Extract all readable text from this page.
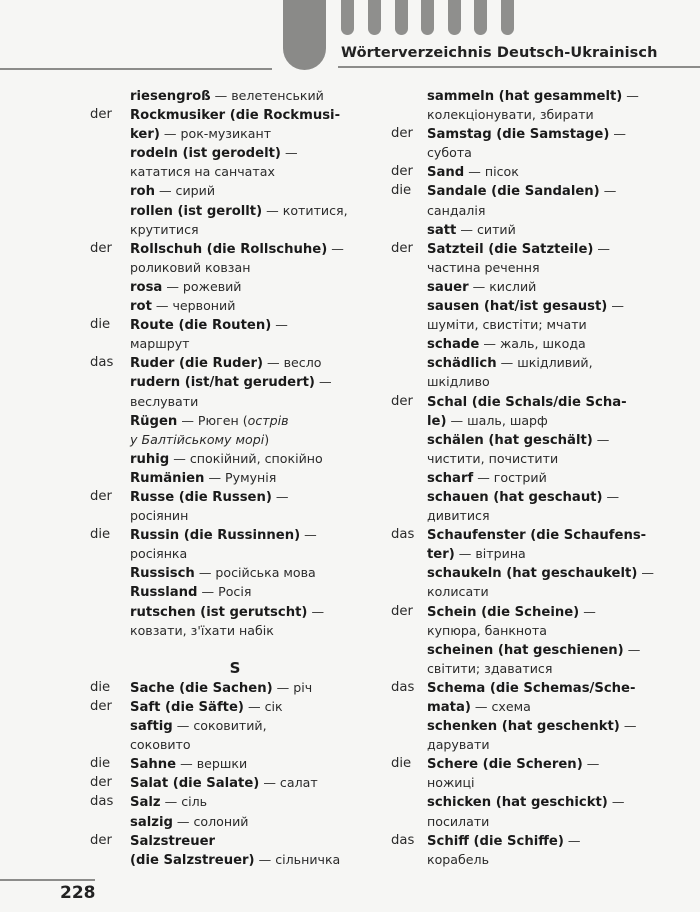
Wörterverzeichnis Deutsch-Ukrainisch
riesengroß — велетенський
der Rockmusiker (die Rockmusi-
ker) — рок-музикант
rodeln (ist gerodelt) —
кататися на санчатах
roh — сирий
rollen (ist gerollt) — котитися,
крутитися
der Rollschuh (die Rollschuhe) —
роликовий ковзан
rosa — рожевий
rot — червоний
die Route (die Routen) —
маршрут
das Ruder (die Ruder) — весло
rudern (ist/hat gerudert) —
веслувати
Rügen — Рюген (острів
у Балтійському морі)
ruhig — спокійний, спокійно
Rumänien — Румунія
der Russe (die Russen) —
росіянин
die Russin (die Russinnen) —
росіянка
Russisch — російська мова
Russland — Росія
rutschen (ist gerutscht) —
ковзати, з'їхати набік
S
die Sache (die Sachen) — річ
der Saft (die Säfte) — сік
saftig — соковитий,
соковито
die Sahne — вершки
der Salat (die Salate) — салат
das Salz — сіль
salzig — солоний
der Salzstreuer
(die Salzstreuer) — сільничка
sammeln (hat gesammelt) —
колекціонувати, збирати
der Samstag (die Samstage) —
субота
der Sand — пісок
die Sandale (die Sandalen) —
сандалія
satt — ситий
der Satzteil (die Satzteile) —
частина речення
sauer — кислий
sausen (hat/ist gesaust) —
шуміти, свистіти; мчати
schade — жаль, шкода
schädlich — шкідливий,
шкідливо
der Schal (die Schals/die Scha-
le) — шаль, шарф
schälen (hat geschält) —
чистити, почистити
scharf — гострий
schauen (hat geschaut) —
дивитися
das Schaufenster (die Schaufens-
ter) — вітрина
schaukeln (hat geschaukelt) —
колисати
der Schein (die Scheine) —
купюра, банкнота
scheinen (hat geschienen) —
світити; здаватися
das Schema (die Schemas/Sche-
mata) — схема
schenken (hat geschenkt) —
дарувати
die Schere (die Scheren) —
ножиці
schicken (hat geschickt) —
посилати
das Schiff (die Schiffe) —
корабель
228
